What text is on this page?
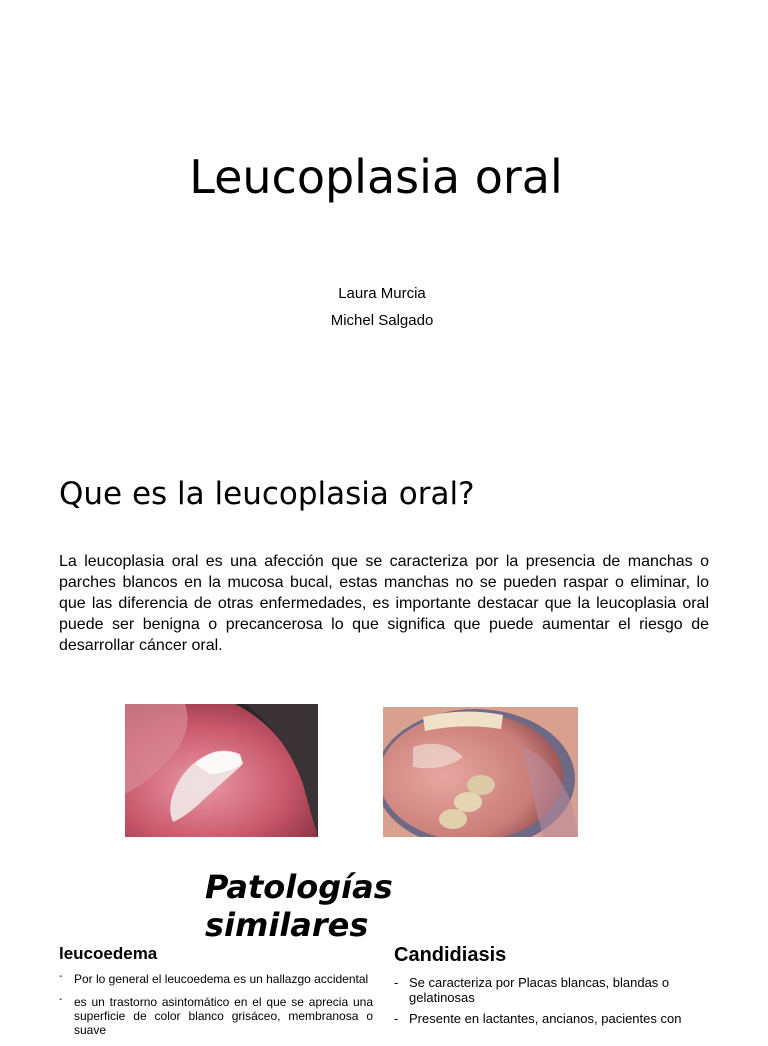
Leucoplasia oral
Laura Murcia
Michel Salgado
Que es la leucoplasia oral?

La leucoplasia oral es una afección que se caracteriza por la presencia de manchas o parches blancos en la mucosa bucal, estas manchas no se pueden raspar o eliminar, lo que las diferencia de otras enfermedades, es importante destacar que la leucoplasia oral puede ser benigna o precancerosa lo que significa que puede aumentar el riesgo de desarrollar cáncer oral.

Patologías
similares
leucoedema
- Por lo general el leucoedema es un hallazgo accidental
- es un trastorno asintomático en el que se aprecia una superficie de color blanco grisáceo, membranosa o suave
Candidiasis
- Se caracteriza por Placas blancas, blandas o gelatinosas
- Presente en lactantes, ancianos, pacientes con
